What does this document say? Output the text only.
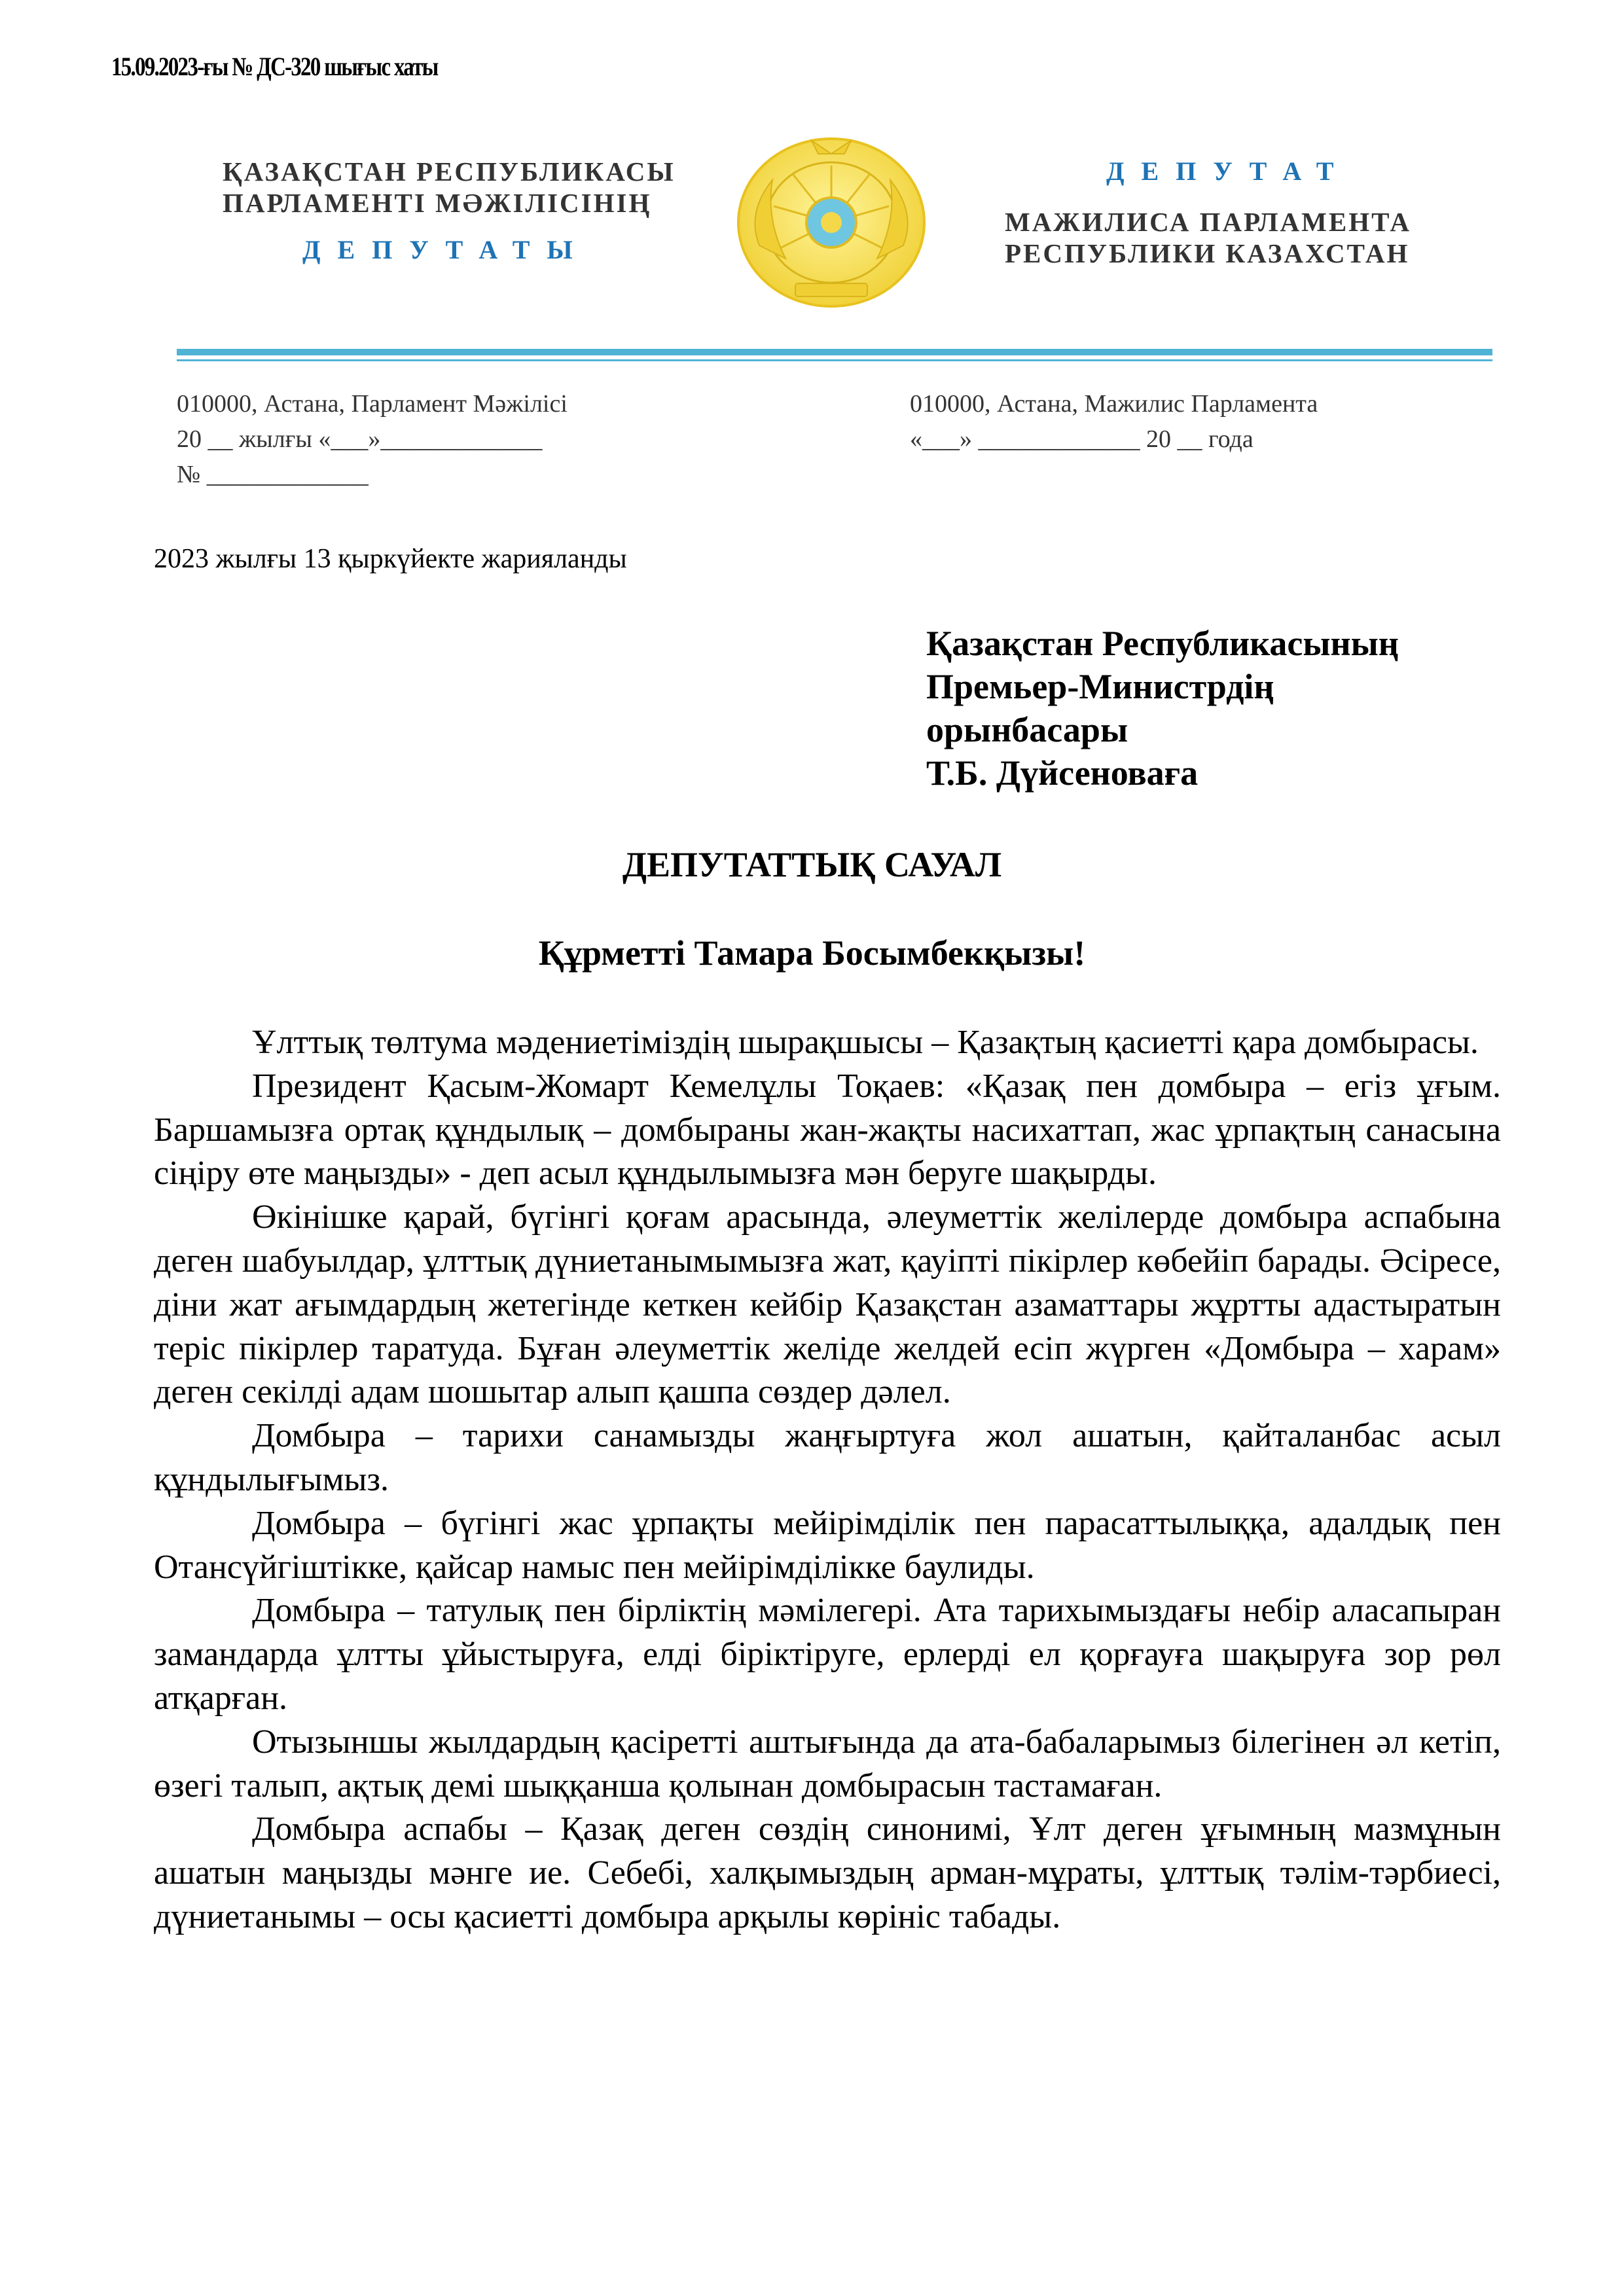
15.09.2023-ғы № ДС-320 шығыс хаты
ҚАЗАҚСТАН РЕСПУБЛИКАСЫ
ПАРЛАМЕНТІ МӘЖІЛІСІНІҢ
ДЕПУТАТЫ
ДЕПУТАТ
МАЖИЛИСА ПАРЛАМЕНТА
РЕСПУБЛИКИ КАЗАХСТАН
010000, Астана, Парламент Мәжілісі
20 __ жылғы «___»_____________
№ _____________
010000, Астана, Мажилис Парламента
«___» _____________ 20 __ года
2023 жылғы 13 қыркүйекте жарияланды
Қазақстан Республикасының
Премьер-Министрдің
орынбасары
Т.Б. Дүйсеноваға
ДЕПУТАТТЫҚ САУАЛ
Құрметті Тамара Босымбекқызы!

Ұлттық төлтума мәдениетіміздің шырақшысы – Қазақтың қасиетті қара домбырасы.

Президент Қасым-Жомарт Кемелұлы Тоқаев: «Қазақ пен домбыра – егіз ұғым. Баршамызға ортақ құндылық – домбыраны жан-жақты насихаттап, жас ұрпақтың санасына сіңіру өте маңызды» - деп асыл құндылымызға мән беруге шақырды.

Өкінішке қарай, бүгінгі қоғам арасында, әлеуметтік желілерде домбыра аспабына деген шабуылдар, ұлттық дүниетанымымызға жат, қауіпті пікірлер көбейіп барады. Әсіресе, діни жат ағымдардың жетегінде кеткен кейбір Қазақстан азаматтары жұртты адастыратын теріс пікірлер таратуда. Бұған әлеуметтік желіде желдей есіп жүрген «Домбыра – харам» деген секілді адам шошытар алып қашпа сөздер дәлел.

Домбыра – тарихи санамызды жаңғыртуға жол ашатын, қайталанбас асыл құндылығымыз.

Домбыра – бүгінгі жас ұрпақты мейірімділік пен парасаттылыққа, адалдық пен Отансүйгіштікке, қайсар намыс пен мейірімділікке баулиды.

Домбыра – татулық пен бірліктің мәмілегері. Ата тарихымыздағы небір аласапыран замандарда ұлтты ұйыстыруға, елді біріктіруге, ерлерді ел қорғауға шақыруға зор рөл атқарған.

Отызыншы жылдардың қасіретті аштығында да ата-бабаларымыз білегінен әл кетіп, өзегі талып, ақтық демі шыққанша қолынан домбырасын тастамаған.

Домбыра аспабы – Қазақ деген сөздің синонимі, Ұлт деген ұғымның мазмұнын ашатын маңызды мәнге ие. Себебі, халқымыздың арман-мұраты, ұлттық тәлім-тәрбиесі, дүниетанымы – осы қасиетті домбыра арқылы көрініс табады.
